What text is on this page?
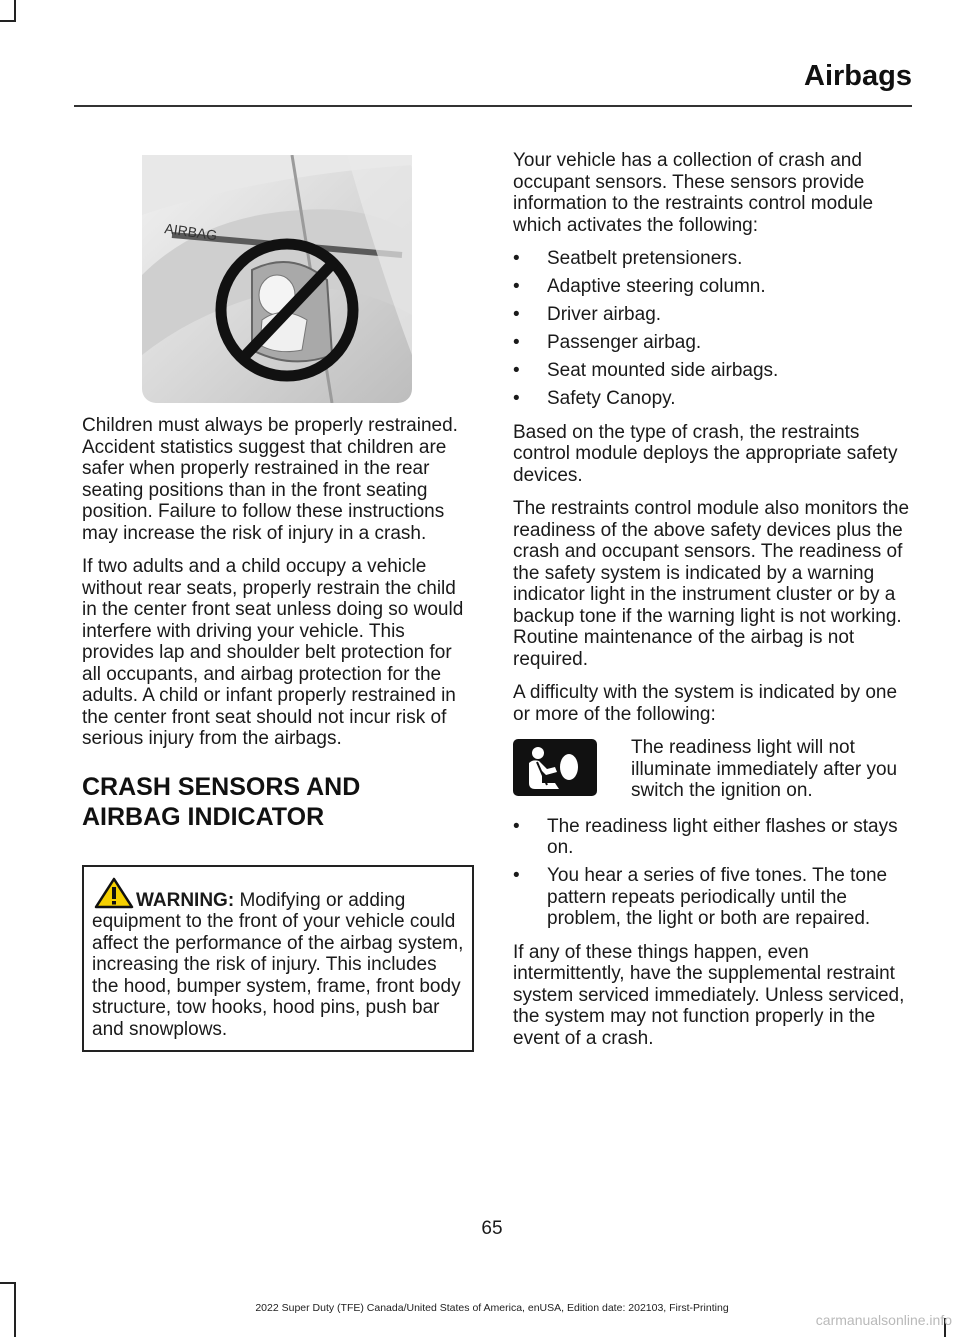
Airbags
AIRBAG

Children must always be properly restrained. Accident statistics suggest that children are safer when properly restrained in the rear seating positions than in the front seating position. Failure to follow these instructions may increase the risk of injury in a crash.

If two adults and a child occupy a vehicle without rear seats, properly restrain the child in the center front seat unless doing so would interfere with driving your vehicle. This provides lap and shoulder belt protection for all occupants, and airbag protection for the adults. A child or infant properly restrained in the center front seat should not incur risk of serious injury from the airbags.

CRASH SENSORS AND
AIRBAG INDICATOR

WARNING: Modifying or adding equipment to the front of your vehicle could affect the performance of the airbag system, increasing the risk of injury. This includes the hood, bumper system, frame, front body structure, tow hooks, hood pins, push bar and snowplows.

Your vehicle has a collection of crash and occupant sensors. These sensors provide information to the restraints control module which activates the following:

• Seatbelt pretensioners.
• Adaptive steering column.
• Driver airbag.
• Passenger airbag.
• Seat mounted side airbags.
• Safety Canopy.

Based on the type of crash, the restraints control module deploys the appropriate safety devices.

The restraints control module also monitors the readiness of the above safety devices plus the crash and occupant sensors. The readiness of the safety system is indicated by a warning indicator light in the instrument cluster or by a backup tone if the warning light is not working. Routine maintenance of the airbag is not required.

A difficulty with the system is indicated by one or more of the following:

The readiness light will not illuminate immediately after you switch the ignition on.
• The readiness light either flashes or stays on.
• You hear a series of five tones. The tone pattern repeats periodically until the problem, the light or both are repaired.

If any of these things happen, even intermittently, have the supplemental restraint system serviced immediately. Unless serviced, the system may not function properly in the event of a crash.

65
2022 Super Duty (TFE) Canada/United States of America, enUSA, Edition date: 202103, First-Printing
carmanualsonline.info
